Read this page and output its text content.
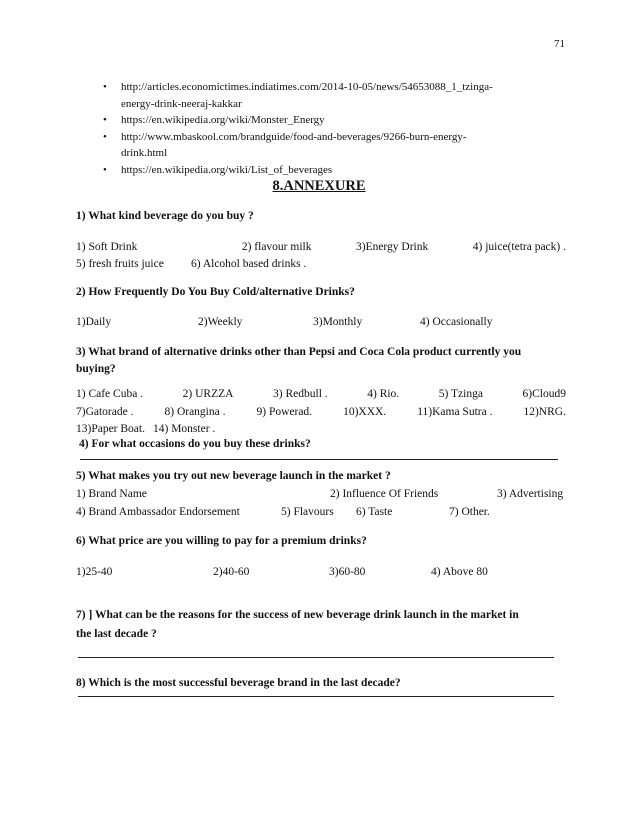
71
• http://articles.economictimes.indiatimes.com/2014-10-05/news/54653088_1_tzinga-
energy-drink-neeraj-kakkar
• https://en.wikipedia.org/wiki/Monster_Energy
• http://www.mbaskool.com/brandguide/food-and-beverages/9266-burn-energy-
drink.html
• https://en.wikipedia.org/wiki/List_of_beverages
8.ANNEXURE
1) What kind beverage do you buy ?
1) Soft Drink	2) flavour milk	3)Energy Drink	4) juice(tetra pack) .
5) fresh fruits juice 6) Alcohol based drinks .
2) How Frequently Do You Buy Cold/alternative Drinks?
1)Daily	2)Weekly	3)Monthly	4) Occasionally
3) What brand of alternative drinks other than Pepsi and Coca Cola product currently you
buying?
1) Cafe Cuba .	2) URZZA	3) Redbull .	4) Rio.	5) Tzinga	6)Cloud9
7)Gatorade .	8) Orangina .	9) Powerad.	10)XXX.	11)Kama Sutra .	12)NRG.
13)Paper Boat. 14) Monster .
4) For what occasions do you buy these drinks?
5) What makes you try out new beverage launch in the market ?
1) Brand Name	2) Influence Of Friends	3) Advertising
4) Brand Ambassador Endorsement	5) Flavours 6) Taste	7) Other.
6) What price are you willing to pay for a premium drinks?
1)25-40	2)40-60	3)60-80	4) Above 80
7) ] What can be the reasons for the success of new beverage drink launch in the market in
the last decade ?
8) Which is the most successful beverage brand in the last decade?
